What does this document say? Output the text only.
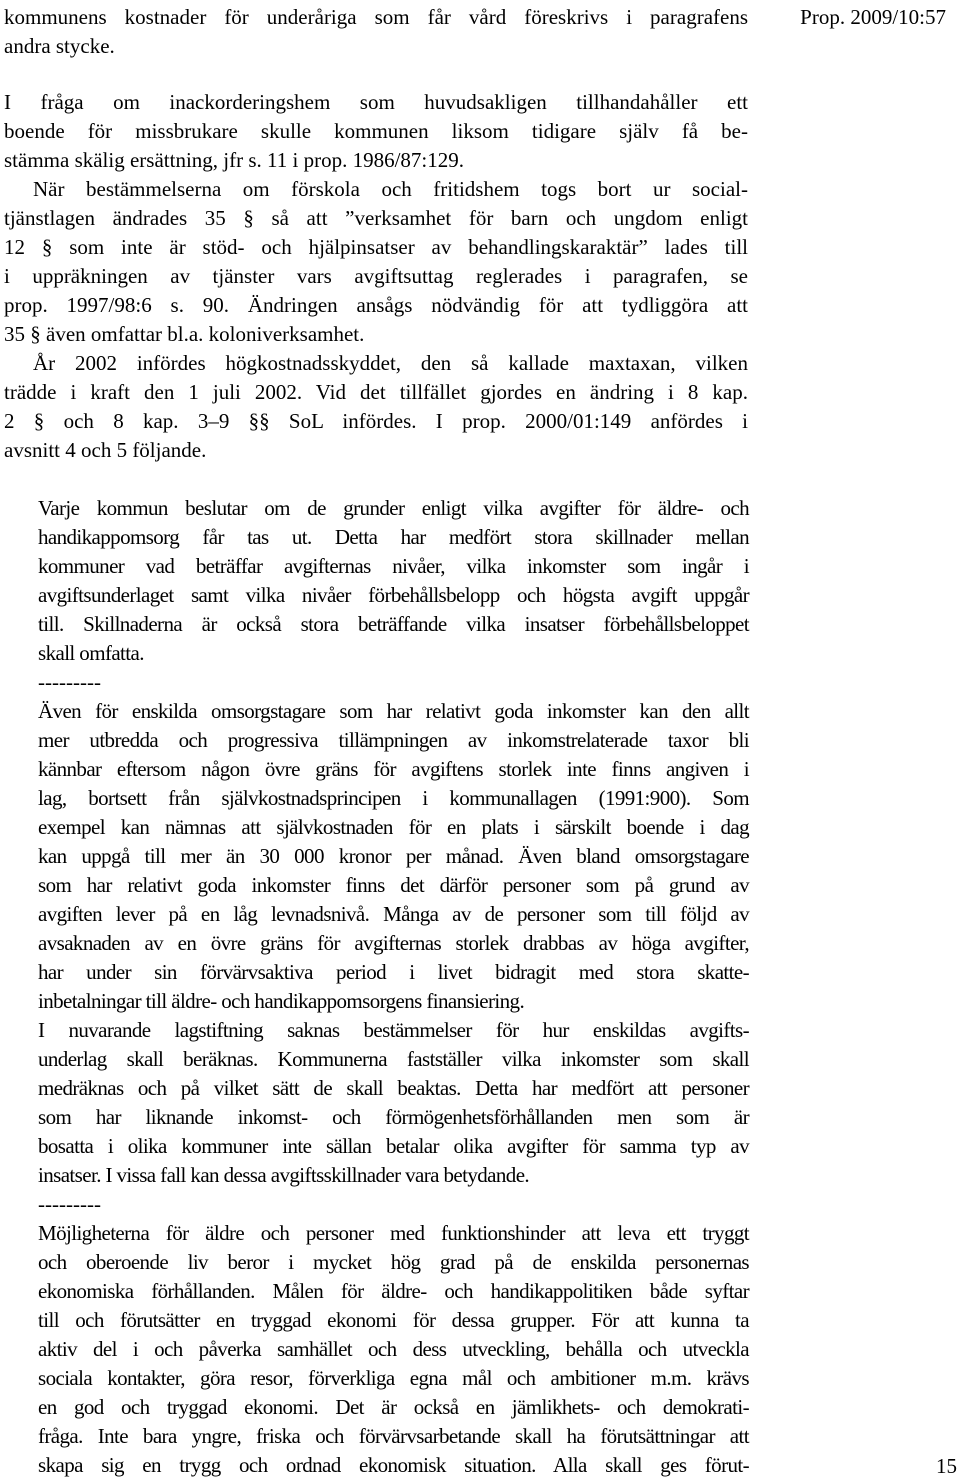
Prop. 2009/10:57
kommunens kostnader för underåriga som får vård föreskrivs i paragrafens
andra stycke.
I fråga om inackorderingshem som huvudsakligen tillhandahåller ett
boende för missbrukare skulle kommunen liksom tidigare själv få be-
stämma skälig ersättning, jfr s. 11 i prop. 1986/87:129.
När bestämmelserna om förskola och fritidshem togs bort ur social-
tjänstlagen ändrades 35 § så att ”verksamhet för barn och ungdom enligt
12 § som inte är stöd- och hjälpinsatser av behandlingskaraktär” lades till
i uppräkningen av tjänster vars avgiftsuttag reglerades i paragrafen, se
prop. 1997/98:6 s. 90. Ändringen ansågs nödvändig för att tydliggöra att
35 § även omfattar bl.a. koloniverksamhet.
År 2002 infördes högkostnadsskyddet, den så kallade maxtaxan, vilken
trädde i kraft den 1 juli 2002. Vid det tillfället gjordes en ändring i 8 kap.
2 § och 8 kap. 3–9 §§ SoL infördes. I prop. 2000/01:149 anfördes i
avsnitt 4 och 5 följande.
Varje kommun beslutar om de grunder enligt vilka avgifter för äldre- och
handikappomsorg får tas ut. Detta har medfört stora skillnader mellan
kommuner vad beträffar avgifternas nivåer, vilka inkomster som ingår i
avgiftsunderlaget samt vilka nivåer förbehållsbelopp och högsta avgift uppgår
till. Skillnaderna är också stora beträffande vilka insatser förbehållsbeloppet
skall omfatta.
---------
Även för enskilda omsorgstagare som har relativt goda inkomster kan den allt
mer utbredda och progressiva tillämpningen av inkomstrelaterade taxor bli
kännbar eftersom någon övre gräns för avgiftens storlek inte finns angiven i
lag, bortsett från självkostnadsprincipen i kommunallagen (1991:900). Som
exempel kan nämnas att självkostnaden för en plats i särskilt boende i dag
kan uppgå till mer än 30 000 kronor per månad. Även bland omsorgstagare
som har relativt goda inkomster finns det därför personer som på grund av
avgiften lever på en låg levnadsnivå. Många av de personer som till följd av
avsaknaden av en övre gräns för avgifternas storlek drabbas av höga avgifter,
har under sin förvärvsaktiva period i livet bidragit med stora skatte-
inbetalningar till äldre- och handikappomsorgens finansiering.
I nuvarande lagstiftning saknas bestämmelser för hur enskildas avgifts-
underlag skall beräknas. Kommunerna fastställer vilka inkomster som skall
medräknas och på vilket sätt de skall beaktas. Detta har medfört att personer
som har liknande inkomst- och förmögenhetsförhållanden men som är
bosatta i olika kommuner inte sällan betalar olika avgifter för samma typ av
insatser. I vissa fall kan dessa avgiftsskillnader vara betydande.
---------
Möjligheterna för äldre och personer med funktionshinder att leva ett tryggt
och oberoende liv beror i mycket hög grad på de enskilda personernas
ekonomiska förhållanden. Målen för äldre- och handikappolitiken både syftar
till och förutsätter en tryggad ekonomi för dessa grupper. För att kunna ta
aktiv del i och påverka samhället och dess utveckling, behålla och utveckla
sociala kontakter, göra resor, förverkliga egna mål och ambitioner m.m. krävs
en god och tryggad ekonomi. Det är också en jämlikhets- och demokrati-
fråga. Inte bara yngre, friska och förvärvsarbetande skall ha förutsättningar att
skapa sig en trygg och ordnad ekonomisk situation. Alla skall ges förut-	15
